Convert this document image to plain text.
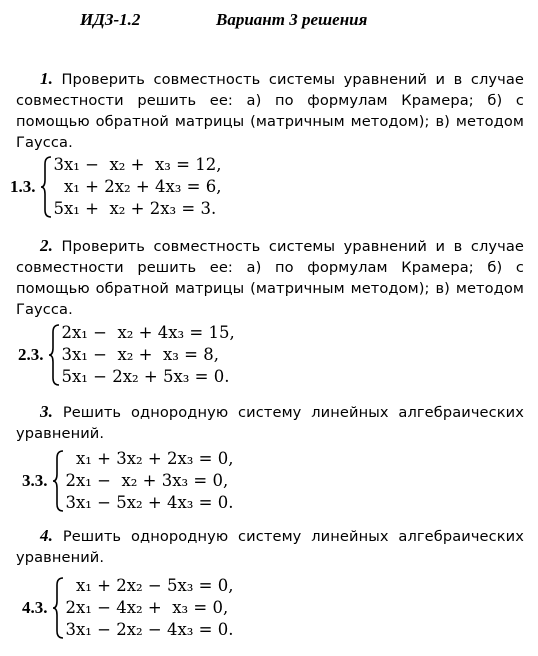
ИДЗ-1.2	Вариант 3 решения
1. Проверить совместность системы уравнений и в случае совместности решить ее: а) по формулам Крамера; б) с помощью обратной матрицы (матричным методом); в) методом Гаусса.
1.3.
3x₁ −  x₂ +  x₃ = 12,
x₁ + 2x₂ + 4x₃ = 6,
5x₁ +  x₂ + 2x₃ = 3.
2. Проверить совместность системы уравнений и в случае совместности решить ее: а) по формулам Крамера; б) с помощью обратной матрицы (матричным методом); в) методом Гаусса.
2.3.
2x₁ −  x₂ + 4x₃ = 15,
3x₁ −  x₂ +  x₃ = 8,
5x₁ − 2x₂ + 5x₃ = 0.
3. Решить однородную систему линейных алгебраических уравнений.
3.3.
x₁ + 3x₂ + 2x₃ = 0,
2x₁ −  x₂ + 3x₃ = 0,
3x₁ − 5x₂ + 4x₃ = 0.
4. Решить однородную систему линейных алгебраических уравнений.
4.3.
x₁ + 2x₂ − 5x₃ = 0,
2x₁ − 4x₂ +  x₃ = 0,
3x₁ − 2x₂ − 4x₃ = 0.
